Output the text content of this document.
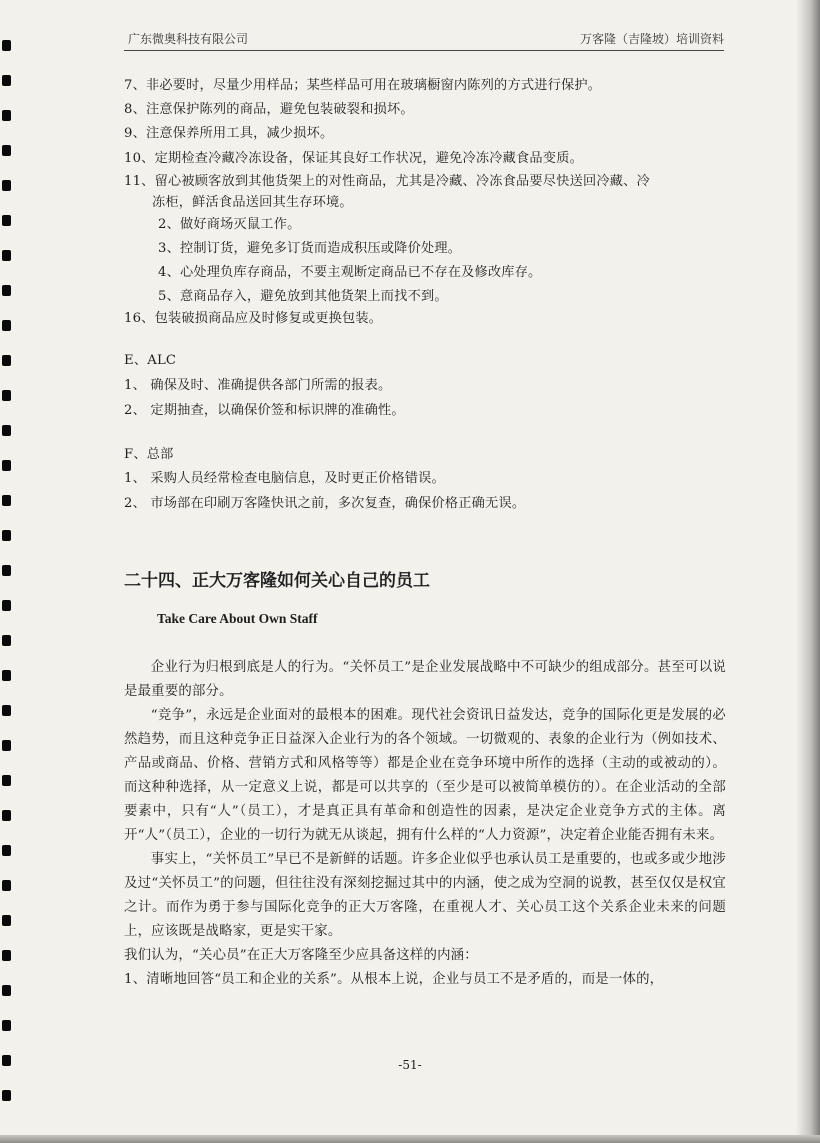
广东微奥科技有限公司	万客隆（吉隆坡）培训资料
7、非必要时，尽量少用样品；某些样品可用在玻璃橱窗内陈列的方式进行保护。
8、注意保护陈列的商品，避免包装破裂和损坏。
9、注意保养所用工具，减少损坏。
10、定期检查冷藏冷冻设备，保证其良好工作状况，避免冷冻冷藏食品变质。
11、留心被顾客放到其他货架上的对性商品，尤其是冷藏、冷冻食品要尽快送回冷藏、冷
冻柜，鲜活食品送回其生存环境。
2、做好商场灭鼠工作。
3、控制订货，避免多订货而造成积压或降价处理。
4、心处理负库存商品，不要主观断定商品已不存在及修改库存。
5、意商品存入，避免放到其他货架上而找不到。
16、包装破损商品应及时修复或更换包装。
E、ALC
1、 确保及时、准确提供各部门所需的报表。
2、 定期抽查，以确保价签和标识牌的准确性。
F、总部
1、 采购人员经常检查电脑信息，及时更正价格错误。
2、 市场部在印刷万客隆快讯之前，多次复查，确保价格正确无误。
二十四、正大万客隆如何关心自己的员工
Take Care About Own Staff

企业行为归根到底是人的行为。“关怀员工”是企业发展战略中不可缺少的组成部分。甚至可以说是最重要的部分。

“竞争”，永远是企业面对的最根本的困难。现代社会资讯日益发达，竞争的国际化更是发展的必然趋势，而且这种竞争正日益深入企业行为的各个领域。一切微观的、表象的企业行为（例如技术、产品或商品、价格、营销方式和风格等等）都是企业在竞争环境中所作的选择（主动的或被动的）。而这种种选择，从一定意义上说，都是可以共享的（至少是可以被简单模仿的）。在企业活动的全部要素中，只有“人”（员工），才是真正具有革命和创造性的因素，是决定企业竞争方式的主体。离开“人”（员工），企业的一切行为就无从谈起，拥有什么样的“人力资源”，决定着企业能否拥有未来。

事实上，“关怀员工”早已不是新鲜的话题。许多企业似乎也承认员工是重要的，也或多或少地涉及过“关怀员工”的问题，但往往没有深刻挖掘过其中的内涵，使之成为空洞的说教，甚至仅仅是权宜之计。而作为勇于参与国际化竞争的正大万客隆，在重视人才、关心员工这个关系企业未来的问题上，应该既是战略家，更是实干家。

我们认为，“关心员”在正大万客隆至少应具备这样的内涵：

1、清晰地回答“员工和企业的关系”。从根本上说，企业与员工不是矛盾的，而是一体的，

-51-
